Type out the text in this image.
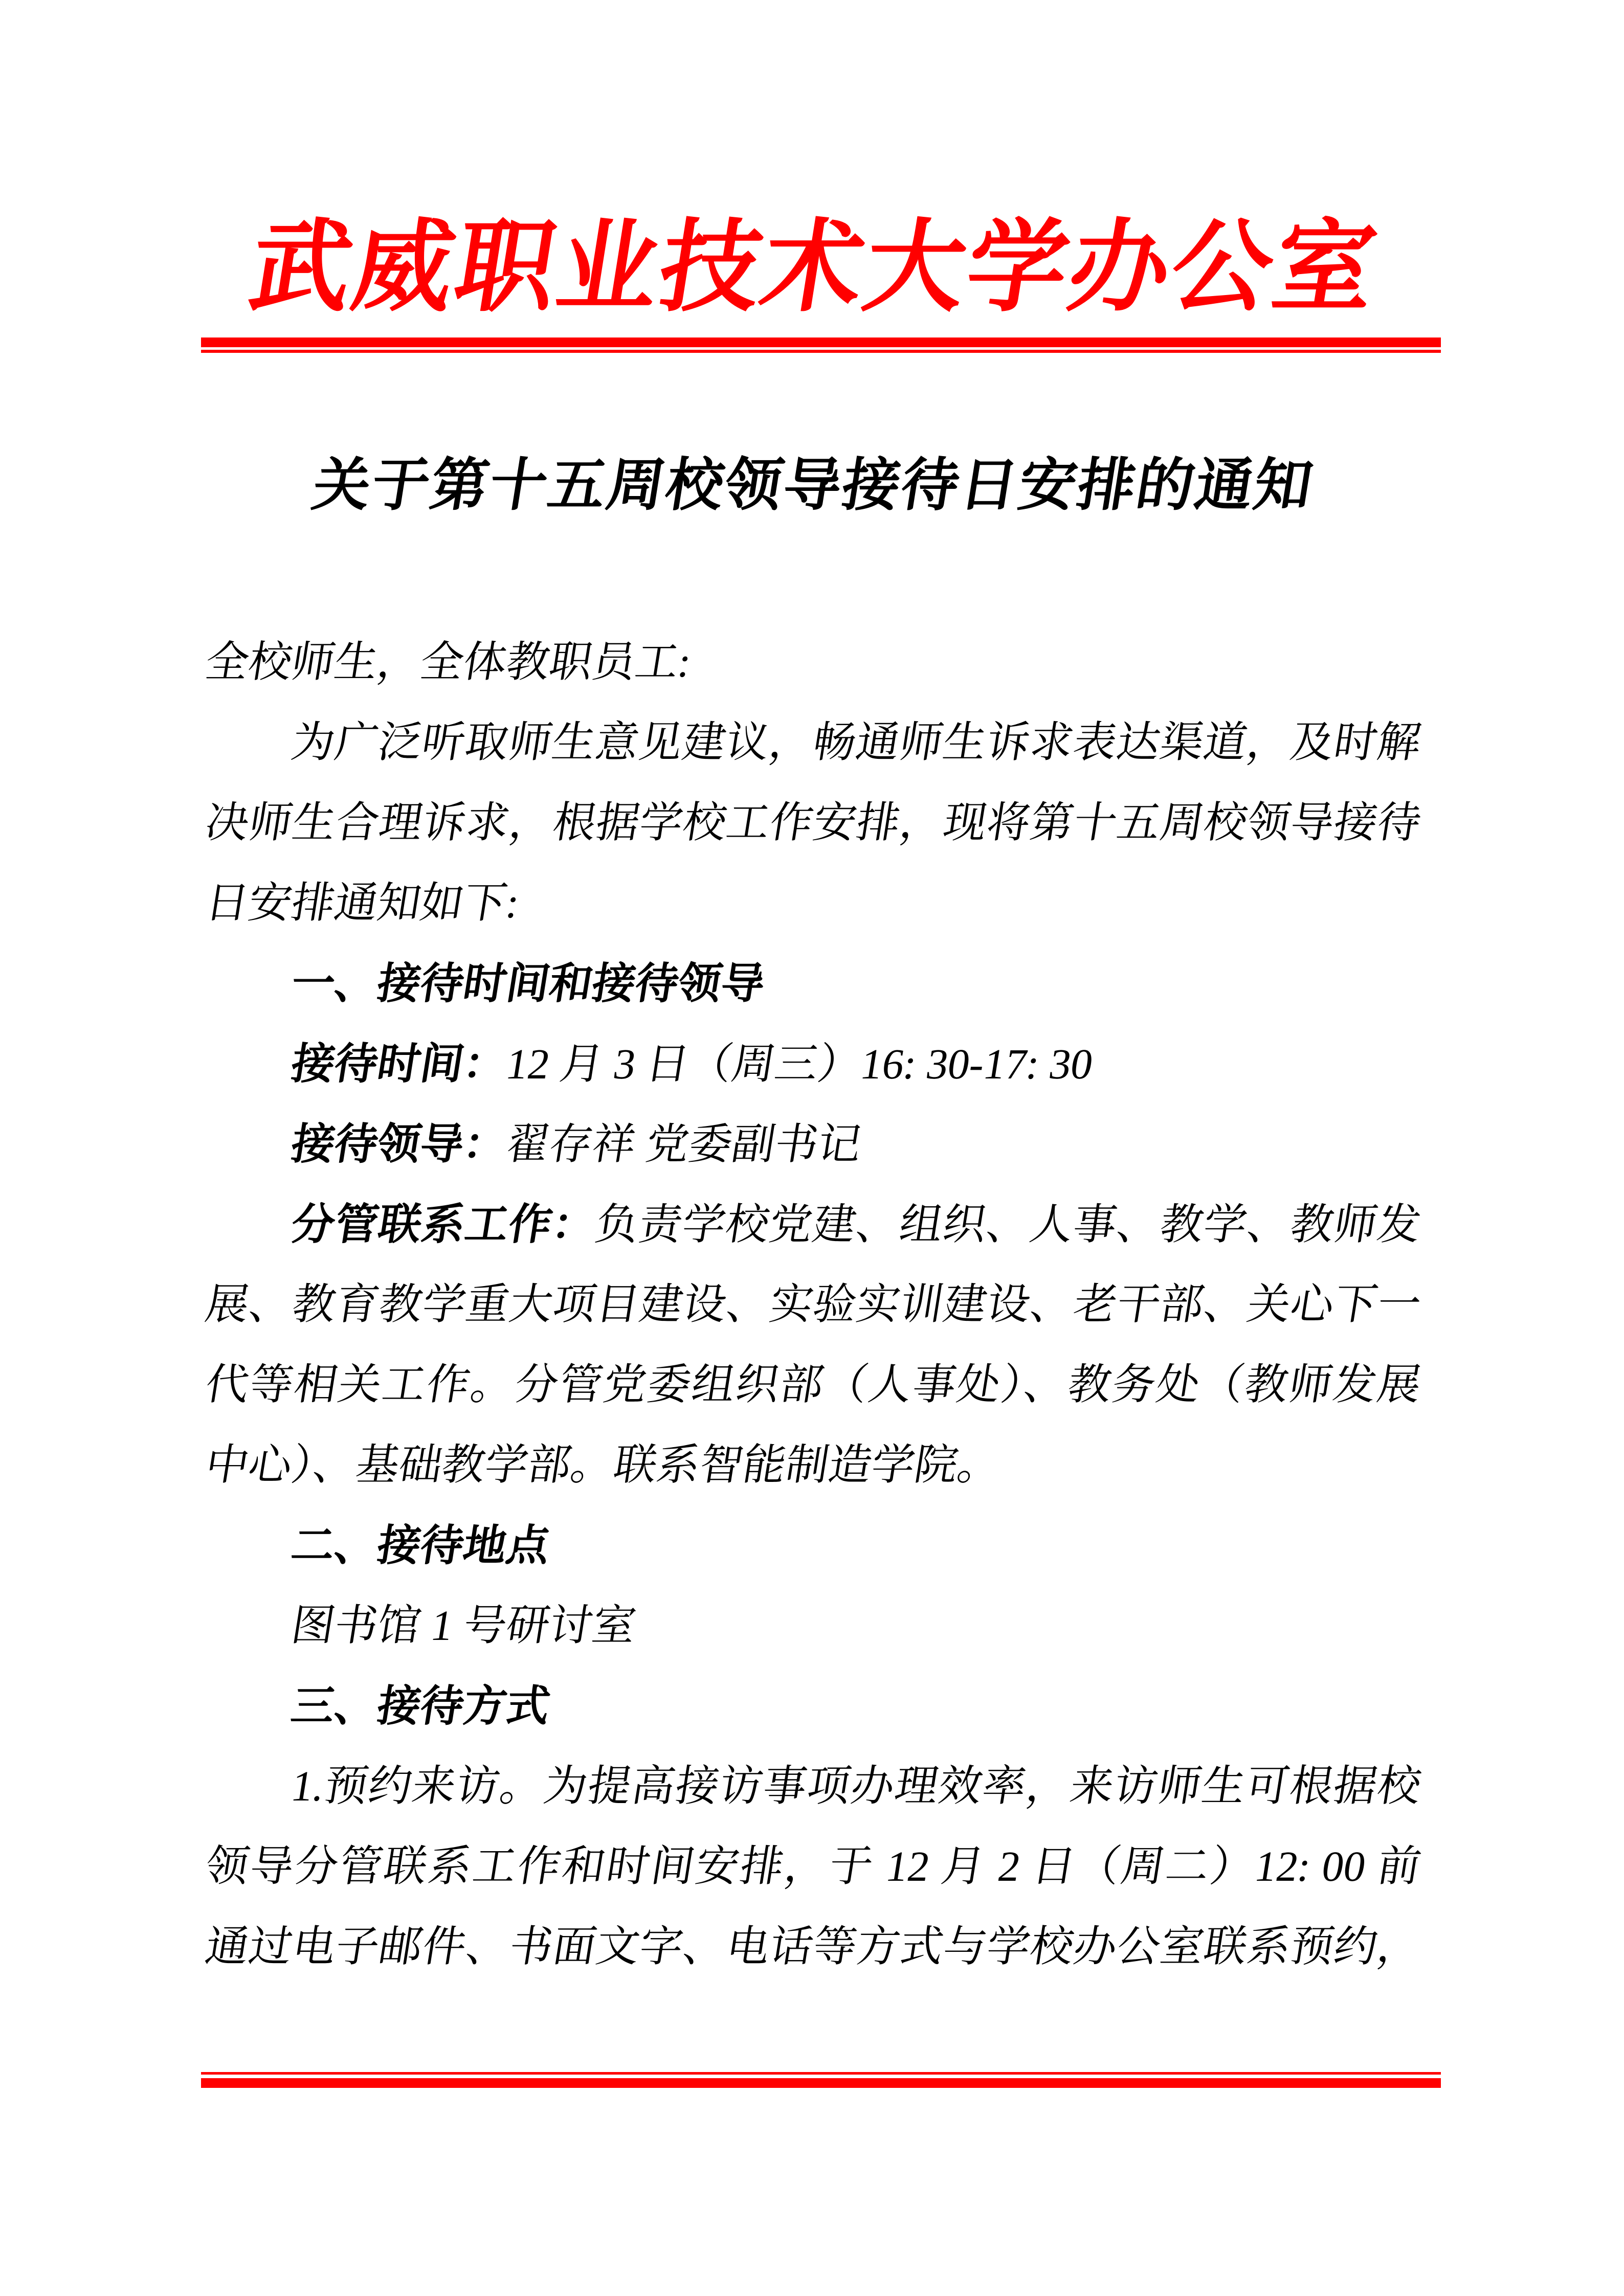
武威职业技术大学办公室
关于第十五周校领导接待日安排的通知
全校师生，全体教职员工:
为广泛听取师生意见建议，畅通师生诉求表达渠道，及时解
决师生合理诉求，根据学校工作安排，现将第十五周校领导接待
日安排通知如下:
一、接待时间和接待领导
接待时间：12 月 3 日（周三）16: 30-17: 30
接待领导：翟存祥 党委副书记
分管联系工作：负责学校党建、组织、人事、教学、教师发
展、教育教学重大项目建设、实验实训建设、老干部、关心下一
代等相关工作。分管党委组织部（人事处）、教务处（教师发展
中心）、基础教学部。联系智能制造学院。
二、接待地点
图书馆 1 号研讨室
三、接待方式
1.预约来访。为提高接访事项办理效率，来访师生可根据校
领导分管联系工作和时间安排，于 12 月 2 日（周二）12: 00 前
通过电子邮件、书面文字、电话等方式与学校办公室联系预约，
